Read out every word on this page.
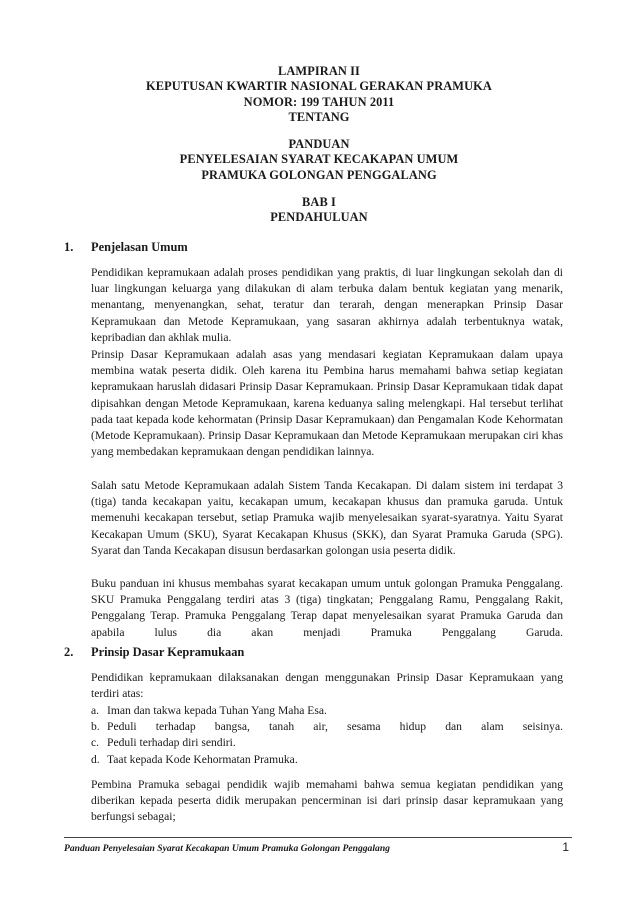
LAMPIRAN II
KEPUTUSAN KWARTIR NASIONAL GERAKAN PRAMUKA
NOMOR: 199 TAHUN 2011
TENTANG
PANDUAN
PENYELESAIAN SYARAT KECAKAPAN UMUM
PRAMUKA GOLONGAN PENGGALANG
BAB I
PENDAHULUAN
1. Penjelasan Umum

Pendidikan kepramukaan adalah proses pendidikan yang praktis, di luar lingkungan sekolah dan di luar lingkungan keluarga yang dilakukan di alam terbuka dalam bentuk kegiatan yang menarik, menantang, menyenangkan, sehat, teratur dan terarah, dengan menerapkan Prinsip Dasar Kepramukaan dan Metode Kepramukaan, yang sasaran akhirnya adalah terbentuknya watak, kepribadian dan akhlak mulia.

Prinsip Dasar Kepramukaan adalah asas yang mendasari kegiatan Kepramukaan dalam upaya membina watak peserta didik. Oleh karena itu Pembina harus memahami bahwa setiap kegiatan kepramukaan haruslah didasari Prinsip Dasar Kepramukaan. Prinsip Dasar Kepramukaan tidak dapat dipisahkan dengan Metode Kepramukaan, karena keduanya saling melengkapi. Hal tersebut terlihat pada taat kepada kode kehormatan (Prinsip Dasar Kepramukaan) dan Pengamalan Kode Kehormatan (Metode Kepramukaan). Prinsip Dasar Kepramukaan dan Metode Kepramukaan merupakan ciri khas yang membedakan kepramukaan dengan pendidikan lainnya.

Salah satu Metode Kepramukaan adalah Sistem Tanda Kecakapan. Di dalam sistem ini terdapat 3 (tiga) tanda kecakapan yaitu, kecakapan umum, kecakapan khusus dan pramuka garuda. Untuk memenuhi kecakapan tersebut, setiap Pramuka wajib menyelesaikan syarat-syaratnya. Yaitu Syarat Kecakapan Umum (SKU), Syarat Kecakapan Khusus (SKK), dan Syarat Pramuka Garuda (SPG). Syarat dan Tanda Kecakapan disusun berdasarkan golongan usia peserta didik.

Buku panduan ini khusus membahas syarat kecakapan umum untuk golongan Pramuka Penggalang. SKU Pramuka Penggalang terdiri atas 3 (tiga) tingkatan; Penggalang Ramu, Penggalang Rakit, Penggalang Terap. Pramuka Penggalang Terap dapat menyelesaikan syarat Pramuka Garuda dan apabila lulus dia akan menjadi Pramuka Penggalang Garuda.

2. Prinsip Dasar Kepramukaan

Pendidikan kepramukaan dilaksanakan dengan menggunakan Prinsip Dasar Kepramukaan yang terdiri atas:

a. Iman dan takwa kepada Tuhan Yang Maha Esa.
b. Peduli terhadap bangsa, tanah air, sesama hidup dan alam seisinya.
c. Peduli terhadap diri sendiri.
d. Taat kepada Kode Kehormatan Pramuka.

Pembina Pramuka sebagai pendidik wajib memahami bahwa semua kegiatan pendidikan yang diberikan kepada peserta didik merupakan pencerminan isi dari prinsip dasar kepramukaan yang berfungsi sebagai;

Panduan Penyelesaian Syarat Kecakapan Umum Pramuka Golongan Penggalang	1
